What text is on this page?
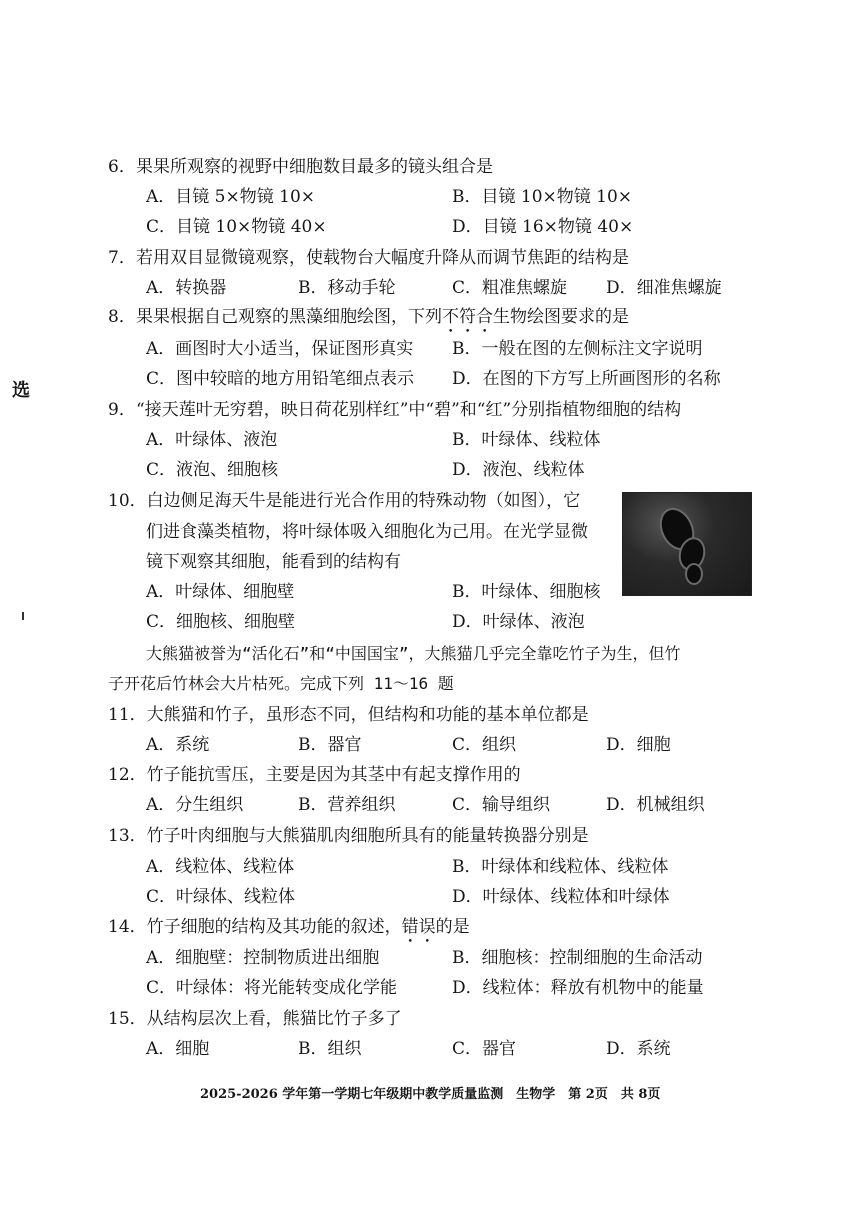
选
6．果果所观察的视野中细胞数目最多的镜头组合是
A．目镜 5×物镜 10×	B．目镜 10×物镜 10×
C．目镜 10×物镜 40×	D．目镜 16×物镜 40×
7．若用双目显微镜观察，使载物台大幅度升降从而调节焦距的结构是
A．转换器	B．移动手轮	C．粗准焦螺旋 D．细准焦螺旋
8．果果根据自己观察的黑藻细胞绘图，下列不符合生物绘图要求的是
A．画图时大小适当，保证图形真实 B．一般在图的左侧标注文字说明
C．图中较暗的地方用铅笔细点表示 D．在图的下方写上所画图形的名称
9．“接天莲叶无穷碧，映日荷花别样红”中“碧”和“红”分别指植物细胞的结构
A．叶绿体、液泡	B．叶绿体、线粒体
C．液泡、细胞核	D．液泡、线粒体
10．白边侧足海天牛是能进行光合作用的特殊动物（如图），它
们进食藻类植物，将叶绿体吸入细胞化为己用。在光学显微
镜下观察其细胞，能看到的结构有
A．叶绿体、细胞壁	B．叶绿体、细胞核
C．细胞核、细胞壁	D．叶绿体、液泡
大熊猫被誉为“活化石”和“中国国宝”，大熊猫几乎完全靠吃竹子为生，但竹
子开花后竹林会大片枯死。完成下列 11～16 题
11．大熊猫和竹子，虽形态不同，但结构和功能的基本单位都是
A．系统	B．器官	C．组织	D．细胞
12．竹子能抗雪压，主要是因为其茎中有起支撑作用的
A．分生组织	B．营养组织	C．输导组织	D．机械组织
13．竹子叶肉细胞与大熊猫肌肉细胞所具有的能量转换器分别是
A．线粒体、线粒体	B．叶绿体和线粒体、线粒体
C．叶绿体、线粒体	D．叶绿体、线粒体和叶绿体
14．竹子细胞的结构及其功能的叙述，错误的是
A．细胞壁：控制物质进出细胞	B．细胞核：控制细胞的生命活动
C．叶绿体：将光能转变成化学能	D．线粒体：释放有机物中的能量
15．从结构层次上看，熊猫比竹子多了
A．细胞	B．组织	C．器官	D．系统
2025-2026 学年第一学期七年级期中教学质量监测　生物学　第 2页　共 8页
